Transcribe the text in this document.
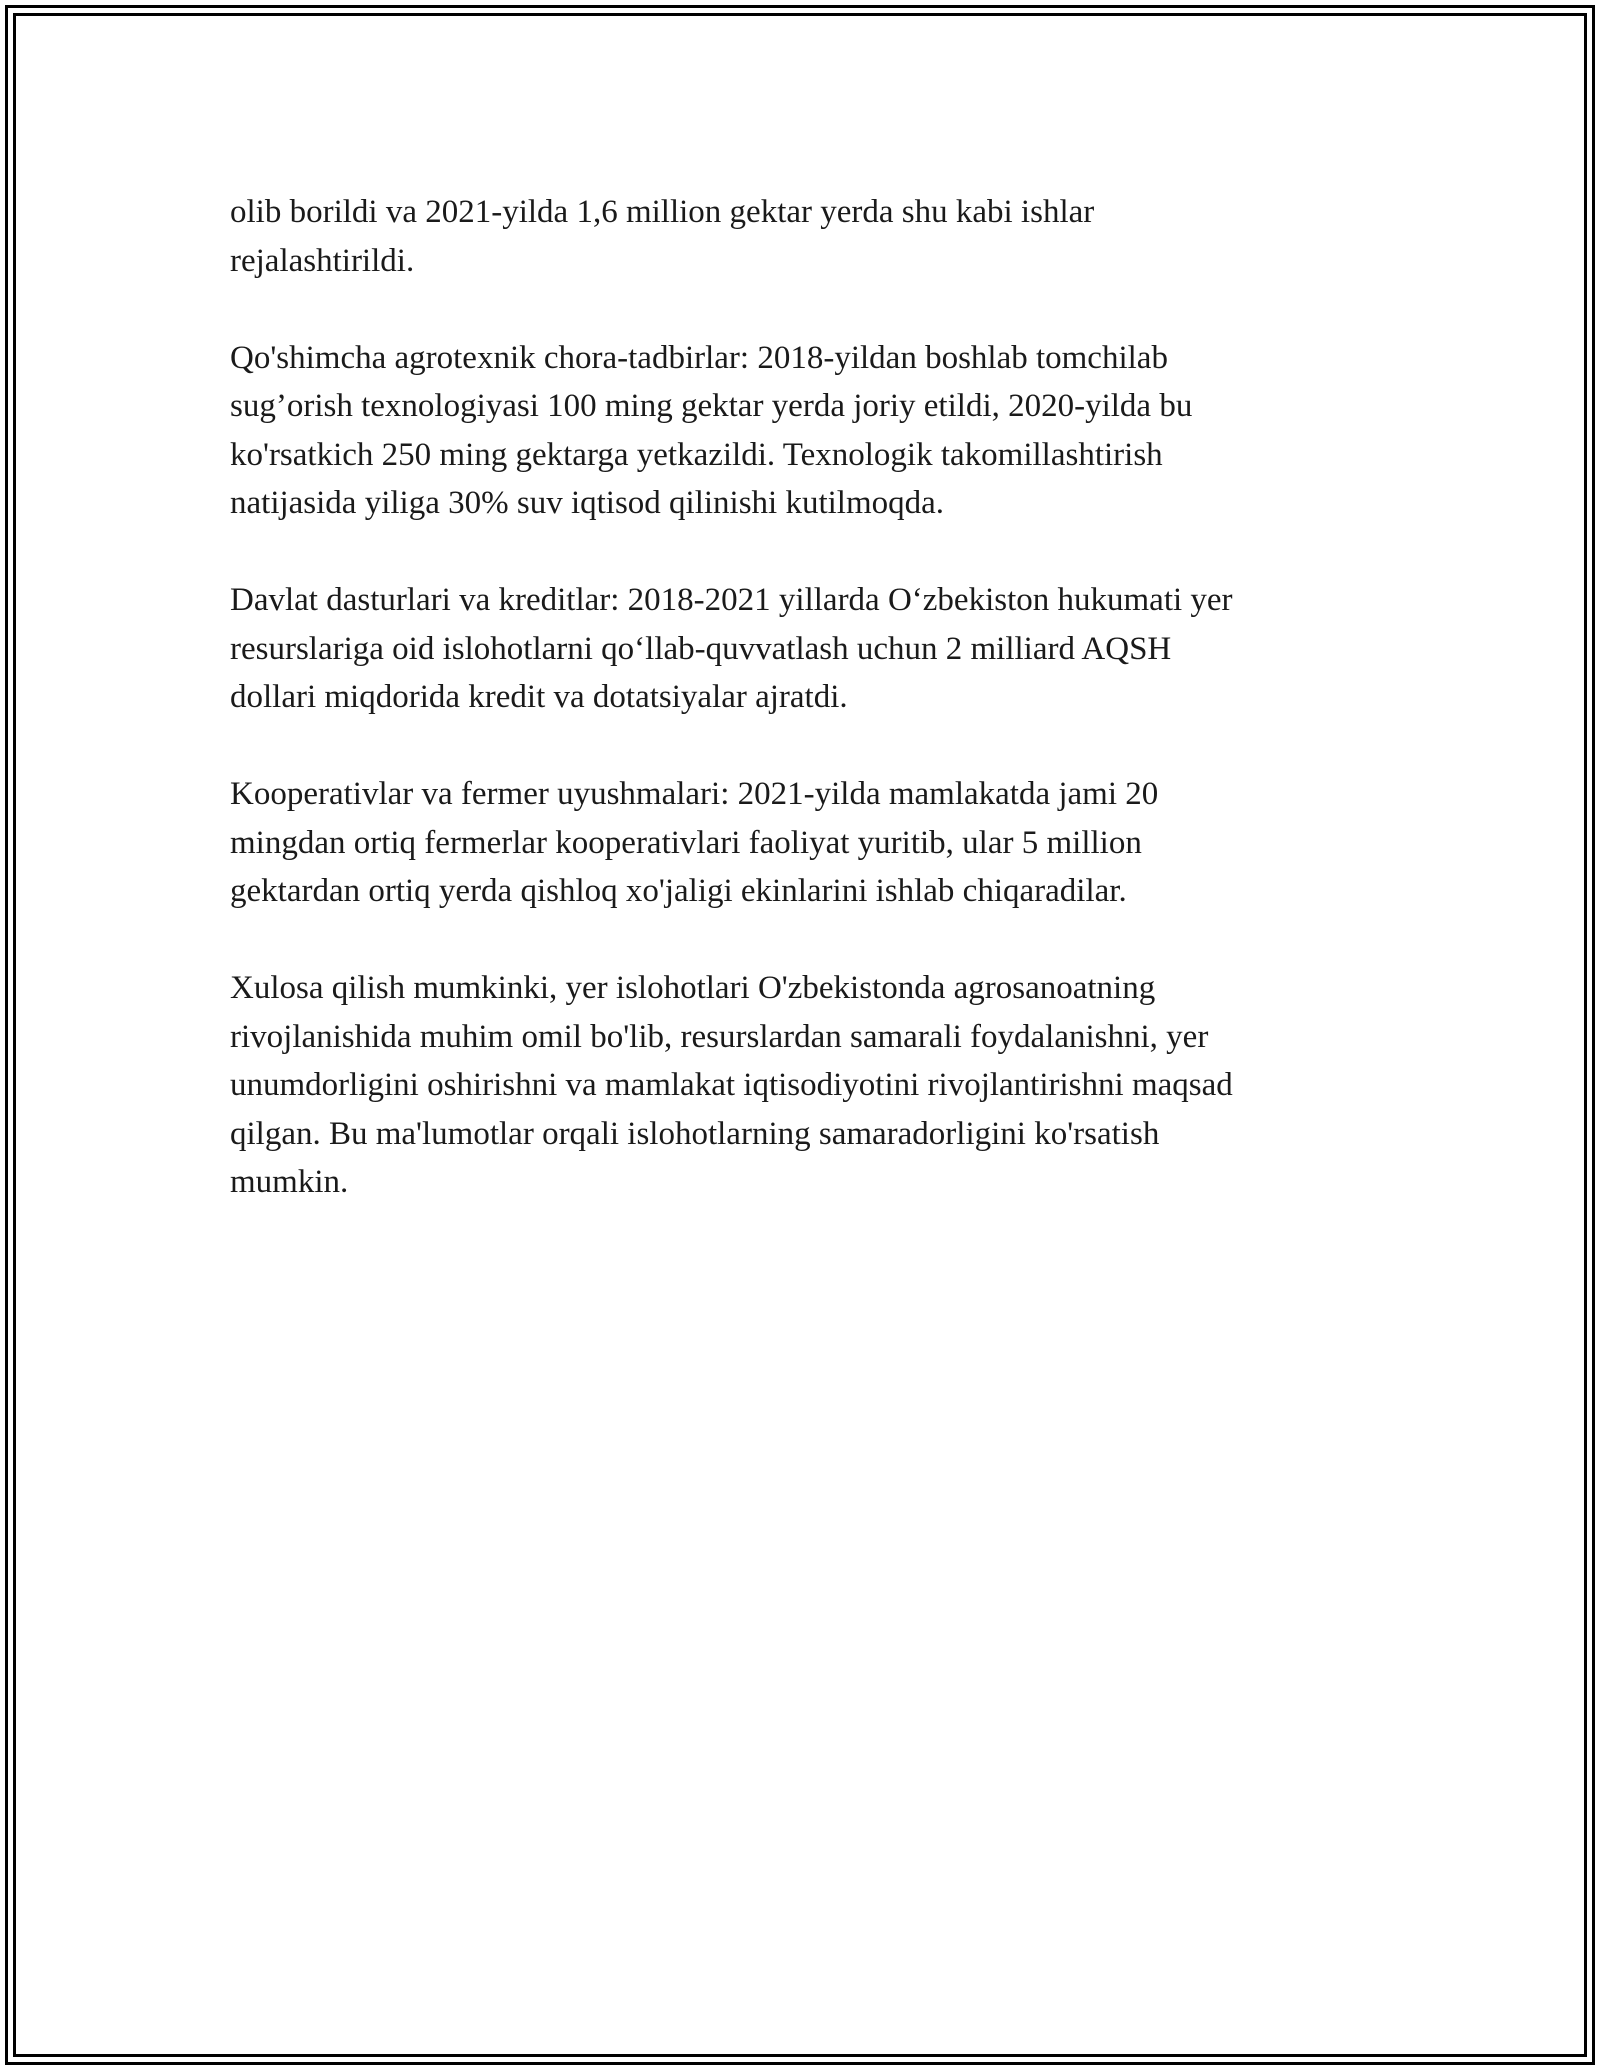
olib borildi va 2021-yilda 1,6 million gektar yerda shu kabi ishlar
rejalashtirildi.

Qo'shimcha agrotexnik chora-tadbirlar: 2018-yildan boshlab tomchilab
sug’orish texnologiyasi 100 ming gektar yerda joriy etildi, 2020-yilda bu
ko'rsatkich 250 ming gektarga yetkazildi. Texnologik takomillashtirish
natijasida yiliga 30% suv iqtisod qilinishi kutilmoqda.

Davlat dasturlari va kreditlar: 2018-2021 yillarda O‘zbekiston hukumati yer
resurslariga oid islohotlarni qo‘llab-quvvatlash uchun 2 milliard AQSH
dollari miqdorida kredit va dotatsiyalar ajratdi.

Kooperativlar va fermer uyushmalari: 2021-yilda mamlakatda jami 20
mingdan ortiq fermerlar kooperativlari faoliyat yuritib, ular 5 million
gektardan ortiq yerda qishloq xo'jaligi ekinlarini ishlab chiqaradilar.

Xulosa qilish mumkinki, yer islohotlari O'zbekistonda agrosanoatning
rivojlanishida muhim omil bo'lib, resurslardan samarali foydalanishni, yer
unumdorligini oshirishni va mamlakat iqtisodiyotini rivojlantirishni maqsad
qilgan. Bu ma'lumotlar orqali islohotlarning samaradorligini ko'rsatish
mumkin.
